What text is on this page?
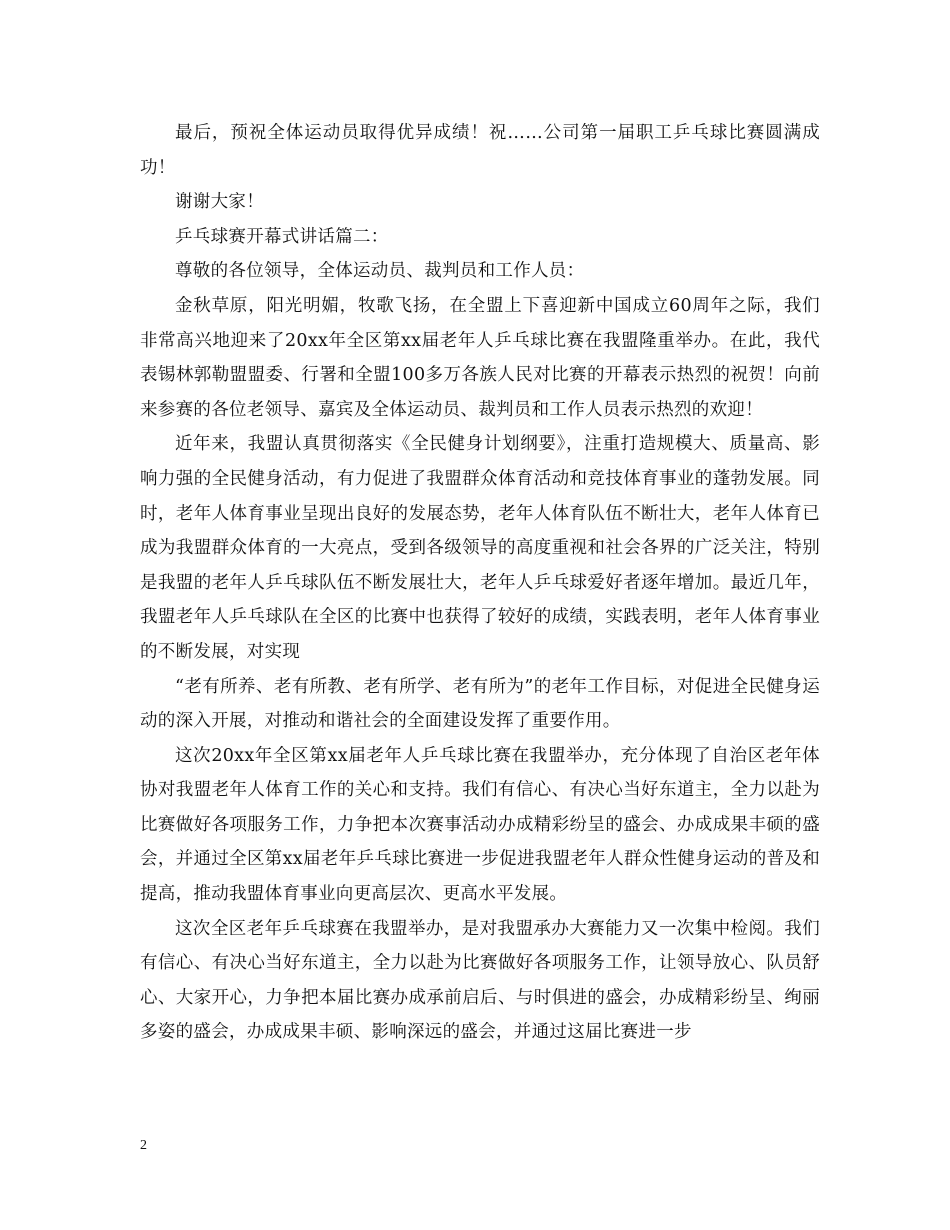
最后，预祝全体运动员取得优异成绩！祝……公司第一届职工乒乓球比赛圆满成功！

谢谢大家！

乒乓球赛开幕式讲话篇二：

尊敬的各位领导，全体运动员、裁判员和工作人员：

金秋草原，阳光明媚，牧歌飞扬，在全盟上下喜迎新中国成立60周年之际，我们非常高兴地迎来了20xx年全区第xx届老年人乒乓球比赛在我盟隆重举办。在此，我代表锡林郭勒盟盟委、行署和全盟100多万各族人民对比赛的开幕表示热烈的祝贺！向前来参赛的各位老领导、嘉宾及全体运动员、裁判员和工作人员表示热烈的欢迎！

近年来，我盟认真贯彻落实《全民健身计划纲要》，注重打造规模大、质量高、影响力强的全民健身活动，有力促进了我盟群众体育活动和竞技体育事业的蓬勃发展。同时，老年人体育事业呈现出良好的发展态势，老年人体育队伍不断壮大，老年人体育已成为我盟群众体育的一大亮点，受到各级领导的高度重视和社会各界的广泛关注，特别是我盟的老年人乒乓球队伍不断发展壮大，老年人乒乓球爱好者逐年增加。最近几年，我盟老年人乒乓球队在全区的比赛中也获得了较好的成绩，实践表明，老年人体育事业的不断发展，对实现

“老有所养、老有所教、老有所学、老有所为”的老年工作目标，对促进全民健身运动的深入开展，对推动和谐社会的全面建设发挥了重要作用。

这次20xx年全区第xx届老年人乒乓球比赛在我盟举办，充分体现了自治区老年体协对我盟老年人体育工作的关心和支持。我们有信心、有决心当好东道主，全力以赴为比赛做好各项服务工作，力争把本次赛事活动办成精彩纷呈的盛会、办成成果丰硕的盛会，并通过全区第xx届老年乒乓球比赛进一步促进我盟老年人群众性健身运动的普及和提高，推动我盟体育事业向更高层次、更高水平发展。

这次全区老年乒乓球赛在我盟举办，是对我盟承办大赛能力又一次集中检阅。我们有信心、有决心当好东道主，全力以赴为比赛做好各项服务工作，让领导放心、队员舒心、大家开心，力争把本届比赛办成承前启后、与时俱进的盛会，办成精彩纷呈、绚丽多姿的盛会，办成成果丰硕、影响深远的盛会，并通过这届比赛进一步

2
